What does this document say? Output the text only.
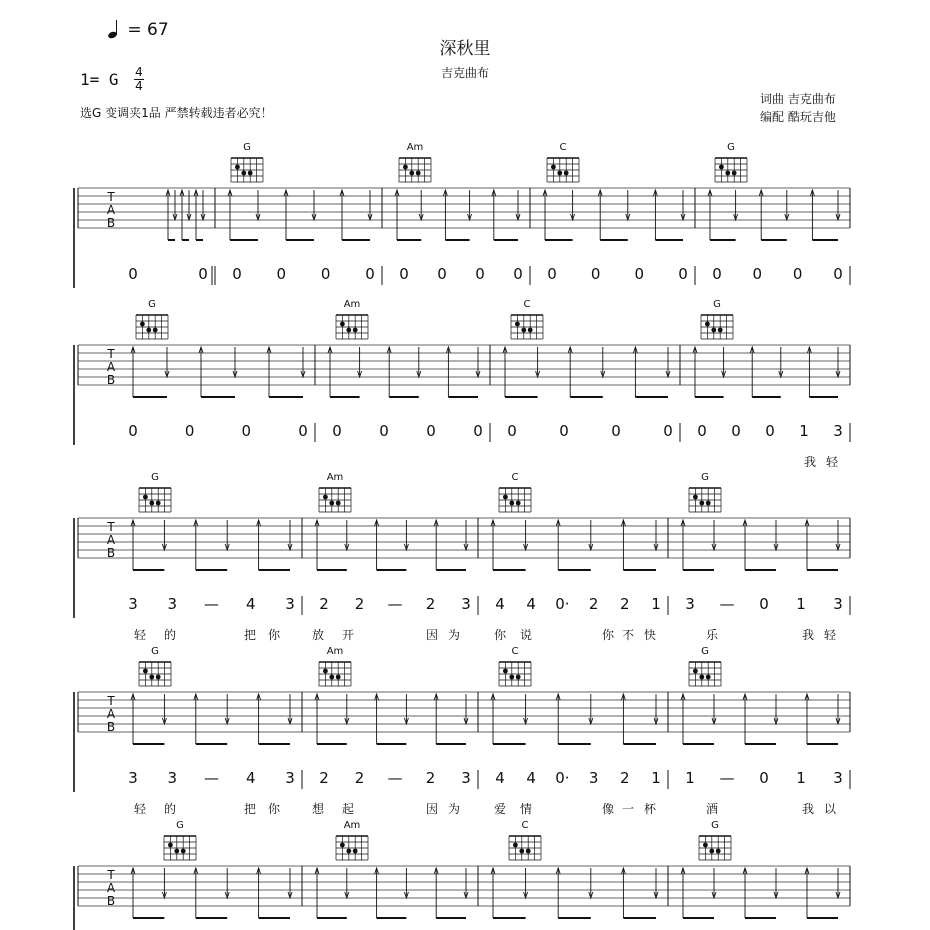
= 67
深秋里
吉克曲布
1= G 4
4
选G 变调夹1品 严禁转载违者必究！
词曲 吉克曲布
编配 酷玩吉他
T
A
B
G	Am	C	G
0	0	0	0	0	0	0	0	0	0	0	0	0	0	0	0	0	0
T
A
B
G	Am	C	G
0	0	0	0	0	0	0	0	0	0	0	0	0	0	0	1	3
我 轻
T
A
B
G	Am	C	G
3	3	—	4	3	2	2	—	2	3	4	4	0·	2	2	1	3	—	0	1	3
轻	的	把 你	放	开	因 为	你	说	你 不 快	乐	我 轻
T
A
B
G	Am	C	G
3	3	—	4	3	2	2	—	2	3	4	4	0·	3	2	1	1	—	0	1	3
轻	的	把 你	想	起	因 为	爱	情	像 一 杯	酒	我 以
T
A
B
G	Am	C	G
